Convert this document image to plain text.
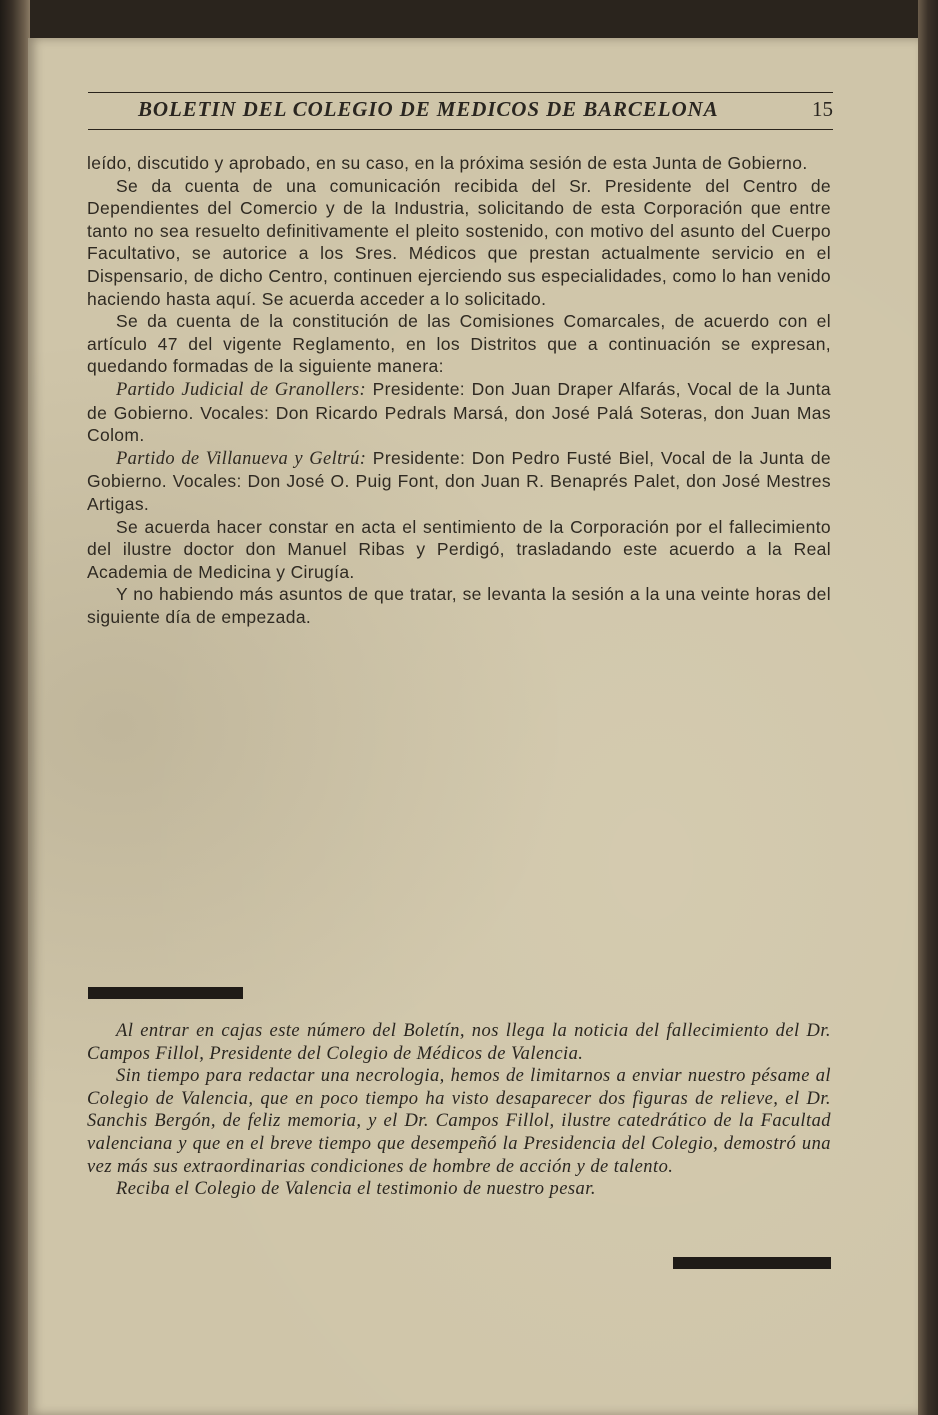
BOLETIN DEL COLEGIO DE MEDICOS DE BARCELONA	15

leído, discutido y aprobado, en su caso, en la próxima sesión de esta Junta de Gobierno.

Se da cuenta de una comunicación recibida del Sr. Presidente del Centro de Dependientes del Comercio y de la Industria, solicitando de esta Corporación que entre tanto no sea resuelto definitivamente el pleito sostenido, con motivo del asunto del Cuerpo Facultativo, se autorice a los Sres. Médicos que prestan actualmente servicio en el Dispensario, de dicho Centro, continuen ejerciendo sus especialidades, como lo han venido haciendo hasta aquí. Se acuerda acceder a lo solicitado.

Se da cuenta de la constitución de las Comisiones Comarcales, de acuerdo con el artículo 47 del vigente Reglamento, en los Distritos que a continuación se expresan, quedando formadas de la siguiente manera:

Partido Judicial de Granollers: Presidente: Don Juan Draper Alfarás, Vocal de la Junta de Gobierno. Vocales: Don Ricardo Pedrals Marsá, don José Palá Soteras, don Juan Mas Colom.

Partido de Villanueva y Geltrú: Presidente: Don Pedro Fusté Biel, Vocal de la Junta de Gobierno. Vocales: Don José O. Puig Font, don Juan R. Benaprés Palet, don José Mestres Artigas.

Se acuerda hacer constar en acta el sentimiento de la Corporación por el fallecimiento del ilustre doctor don Manuel Ribas y Perdigó, trasladando este acuerdo a la Real Academia de Medicina y Cirugía.

Y no habiendo más asuntos de que tratar, se levanta la sesión a la una veinte horas del siguiente día de empezada.

Al entrar en cajas este número del Boletín, nos llega la noticia del fallecimiento del Dr. Campos Fillol, Presidente del Colegio de Médicos de Valencia.

Sin tiempo para redactar una necrologia, hemos de limitarnos a enviar nuestro pésame al Colegio de Valencia, que en poco tiempo ha visto desaparecer dos figuras de relieve, el Dr. Sanchis Bergón, de feliz memoria, y el Dr. Campos Fillol, ilustre catedrático de la Facultad valenciana y que en el breve tiempo que desempeñó la Presidencia del Colegio, demostró una vez más sus extraordinarias condiciones de hombre de acción y de talento.

Reciba el Colegio de Valencia el testimonio de nuestro pesar.
